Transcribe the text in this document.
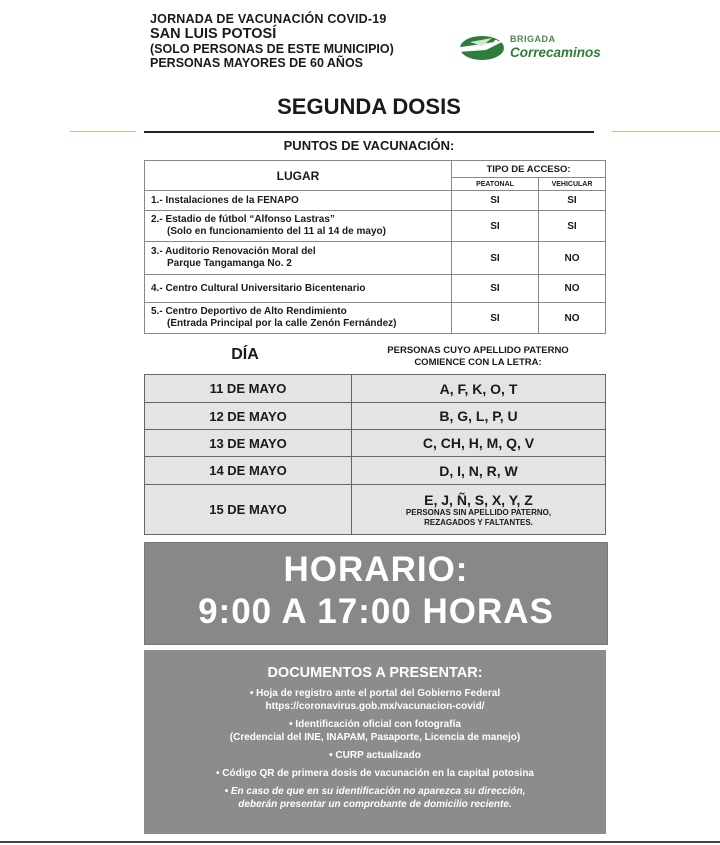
JORNADA DE VACUNACIÓN COVID-19
SAN LUIS POTOSÍ
(SOLO PERSONAS DE ESTE MUNICIPIO)
PERSONAS MAYORES DE 60 AÑOS
BRIGADA
Correcaminos
SEGUNDA DOSIS
PUNTOS DE VACUNACIÓN:
LUGAR	TIPO DE ACCESO:	
	PEATONAL	VEHICULAR

1.- Instalaciones de la FENAPO	SI	SI

2.- Estadio de fútbol “Alfonso Lastras”
(Solo en funcionamiento del 11 al 14 de mayo)	SI	SI

3.- Auditorio Renovación Moral del
Parque Tangamanga No. 2	SI	NO

4.- Centro Cultural Universitario Bicentenario	SI	NO

5.- Centro Deportivo de Alto Rendimiento
(Entrada Principal por la calle Zenón Fernández)	SI	NO
DÍA	PERSONAS CUYO APELLIDO PATERNO
COMIENCE CON LA LETRA:
11 DE MAYO	A, F, K, O, T
12 DE MAYO	B, G, L, P, U
13 DE MAYO	C, CH, H, M, Q, V
14 DE MAYO	D, I, N, R, W
15 DE MAYO	E, J, Ñ, S, X, Y, Z
PERSONAS SIN APELLIDO PATERNO,
REZAGADOS Y FALTANTES.
HORARIO:
9:00 A 17:00 HORAS
DOCUMENTOS A PRESENTAR:
• Hoja de registro ante el portal del Gobierno Federal
https://coronavirus.gob.mx/vacunacion-covid/
• Identificación oficial con fotografía
(Credencial del INE, INAPAM, Pasaporte, Licencia de manejo)
• CURP actualizado
• Código QR de primera dosis de vacunación en la capital potosina
• En caso de que en su identificación no aparezca su dirección,
deberán presentar un comprobante de domicilio reciente.
